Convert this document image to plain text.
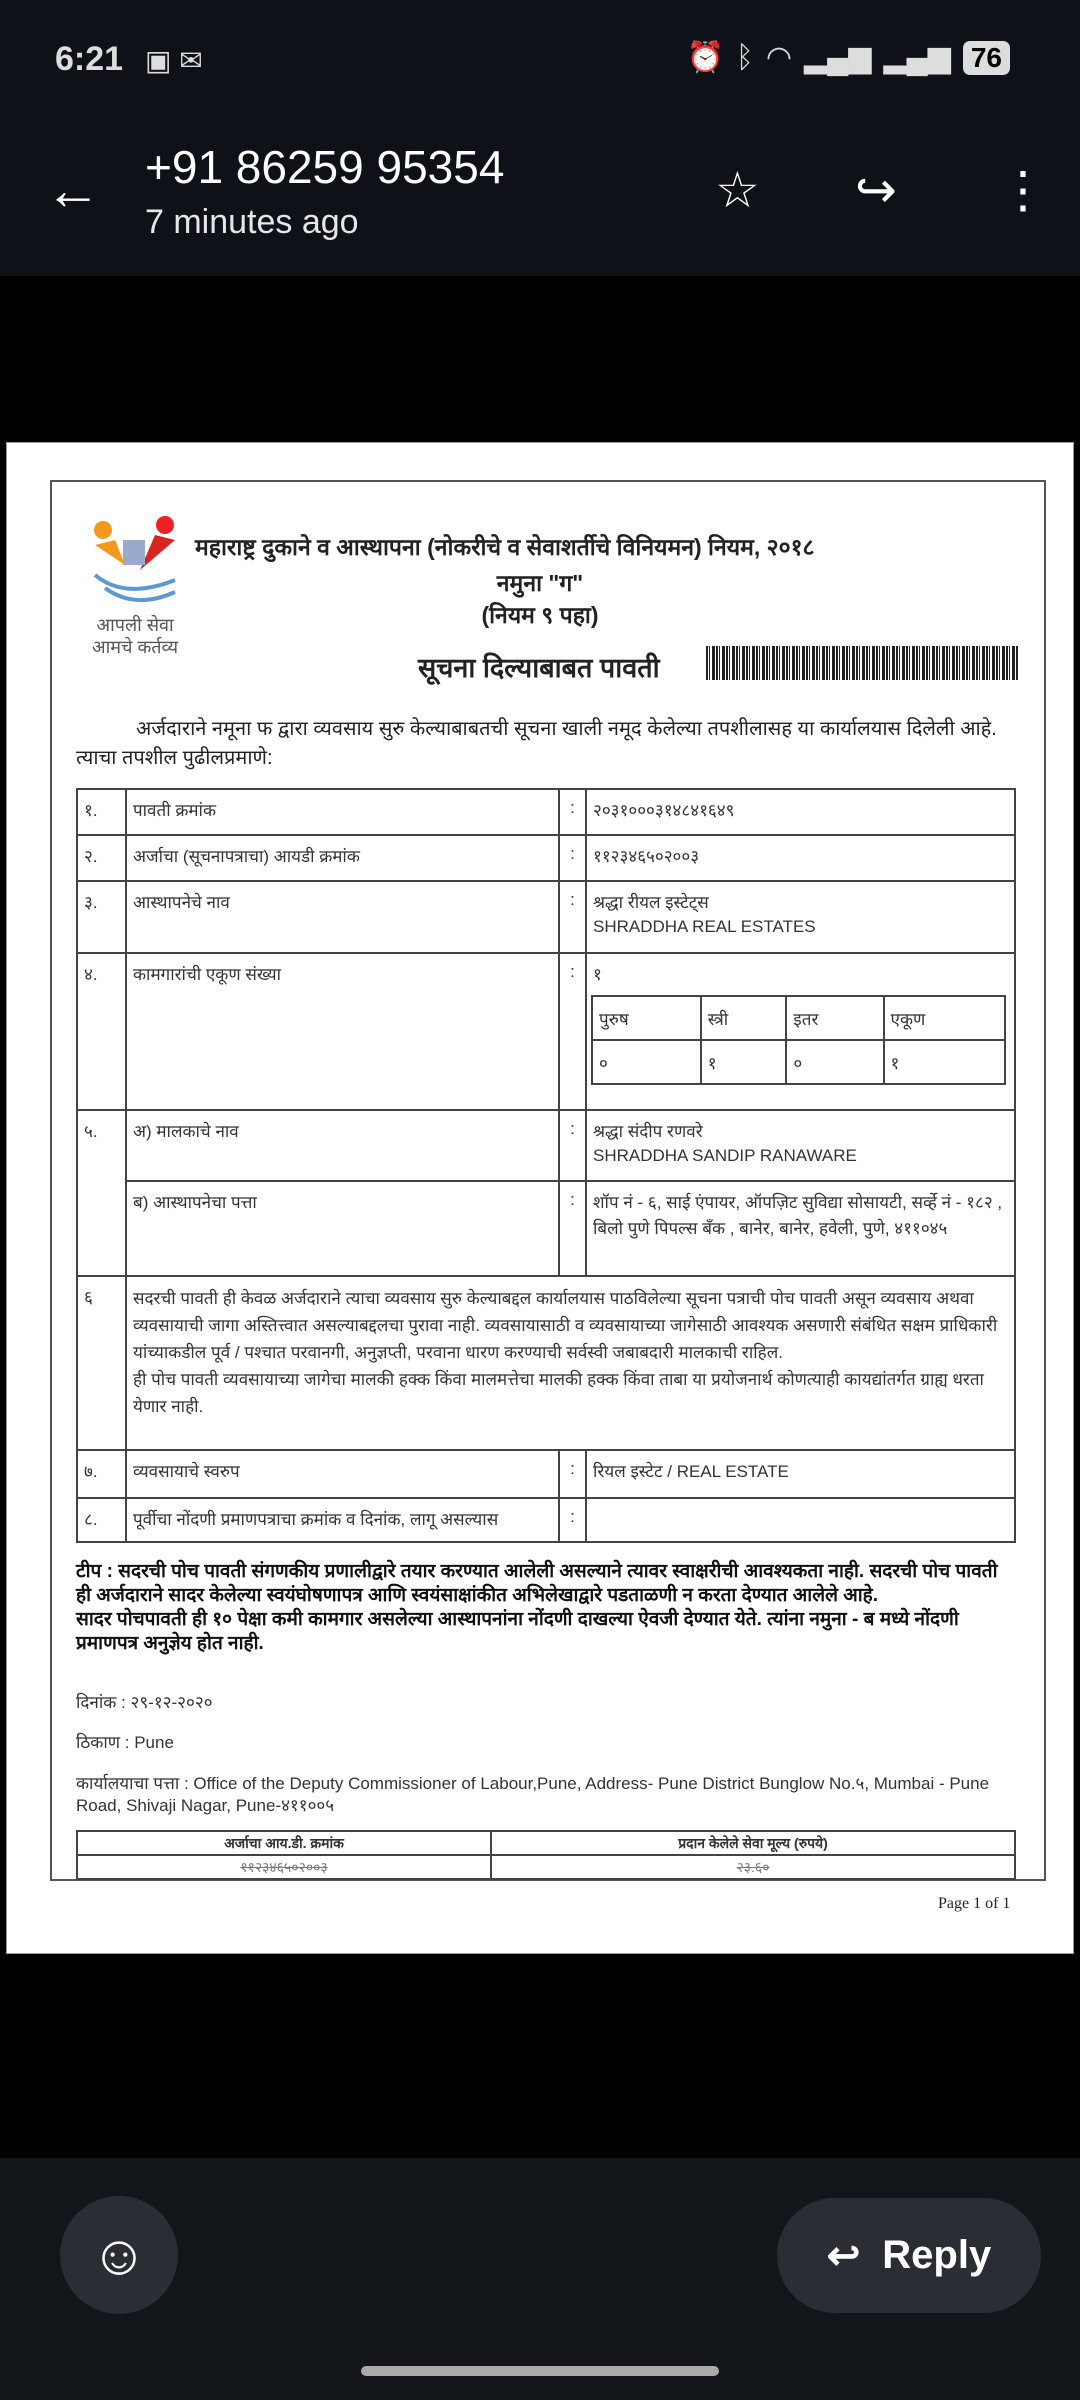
6:21 ▣ ✉	⏰ ᛒ ◠ ▂▄▆ ▂▄▆ 76
← +91 86259 95354
7 minutes ago
☆ ↪ ⋮
आपली सेवा
आमचे कर्तव्य
महाराष्ट्र दुकाने व आस्थापना (नोकरीचे व सेवाशर्तीचे विनियमन) नियम, २०१८
नमुना "ग"
(नियम ९ पहा)
सूचना दिल्याबाबत पावती
अर्जदाराने नमूना फ द्वारा व्यवसाय सुरु केल्याबाबतची सूचना खाली नमूद केलेल्या तपशीलासह या कार्यालयास दिलेली आहे. त्याचा तपशील पुढीलप्रमाणे:
१.	पावती क्रमांक	:	२०३१०००३१४८४१६४९
२.	अर्जाचा (सूचनापत्राचा) आयडी क्रमांक	:	११२३४६५०२००३
३.	आस्थापनेचे नाव	:	श्रद्धा रीयल इस्टेट्स
SHRADDHA REAL ESTATES

४.	कामगारांची एकूण संख्या	:	१
पुरुष	स्त्री	इतर	एकूण
०	१	०	१

५.	अ) मालकाचे नाव	:	श्रद्धा संदीप रणवरे
SHRADDHA SANDIP RANAWARE

ब) आस्थापनेचा पत्ता	:	शॉप नं - ६, साई एंपायर, ऑपज़िट सुविद्या सोसायटी, सर्व्हे नं - १८२ , बिलो पुणे पिपल्स बँक , बानेर, बानेर, हवेली, पुणे, ४११०४५
६	सदरची पावती ही केवळ अर्जदाराने त्याचा व्यवसाय सुरु केल्याबद्दल कार्यालयास पाठविलेल्या सूचना पत्राची पोच पावती असून व्यवसाय अथवा व्यवसायाची जागा अस्तित्त्वात असल्याबद्दलचा पुरावा नाही. व्यवसायासाठी व व्यवसायाच्या जागेसाठी आवश्यक असणारी संबंधित सक्षम प्राधिकारी यांच्याकडील पूर्व / पश्चात परवानगी, अनुज्ञप्ती, परवाना धारण करण्याची सर्वस्वी जबाबदारी मालकाची राहिल.
ही पोच पावती व्यवसायाच्या जागेचा मालकी हक्क किंवा मालमत्तेचा मालकी हक्क किंवा ताबा या प्रयोजनार्थ कोणत्याही कायद्यांतर्गत ग्राह्य धरता येणार नाही.

७.	व्यवसायाचे स्वरुप	:	रियल इस्टेट / REAL ESTATE
८.	पूर्वीचा नोंदणी प्रमाणपत्राचा क्रमांक व दिनांक, लागू असल्यास	:	
टीप : सदरची पोच पावती संगणकीय प्रणालीद्वारे तयार करण्यात आलेली असल्याने त्यावर स्वाक्षरीची आवश्यकता नाही. सदरची पोच पावती ही अर्जदाराने सादर केलेल्या स्वयंघोषणापत्र आणि स्वयंसाक्षांकीत अभिलेखाद्वारे पडताळणी न करता देण्यात आलेले आहे.
सादर पोचपावती ही १० पेक्षा कमी कामगार असलेल्या आस्थापनांना नोंदणी दाखल्या ऐवजी देण्यात येते. त्यांना नमुना - ब मध्ये नोंदणी प्रमाणपत्र अनुज्ञेय होत नाही.
दिनांक : २९-१२-२०२०
ठिकाण : Pune
कार्यालयाचा पत्ता : Office of the Deputy Commissioner of Labour,Pune, Address- Pune District Bunglow No.५, Mumbai - Pune Road, Shivaji Nagar, Pune-४११००५
अर्जाचा आय.डी. क्रमांक	प्रदान केलेले सेवा मूल्य (रुपये)
११२३४६५०२००३	२३.६०
Page 1 of 1
☺	↩ Reply
